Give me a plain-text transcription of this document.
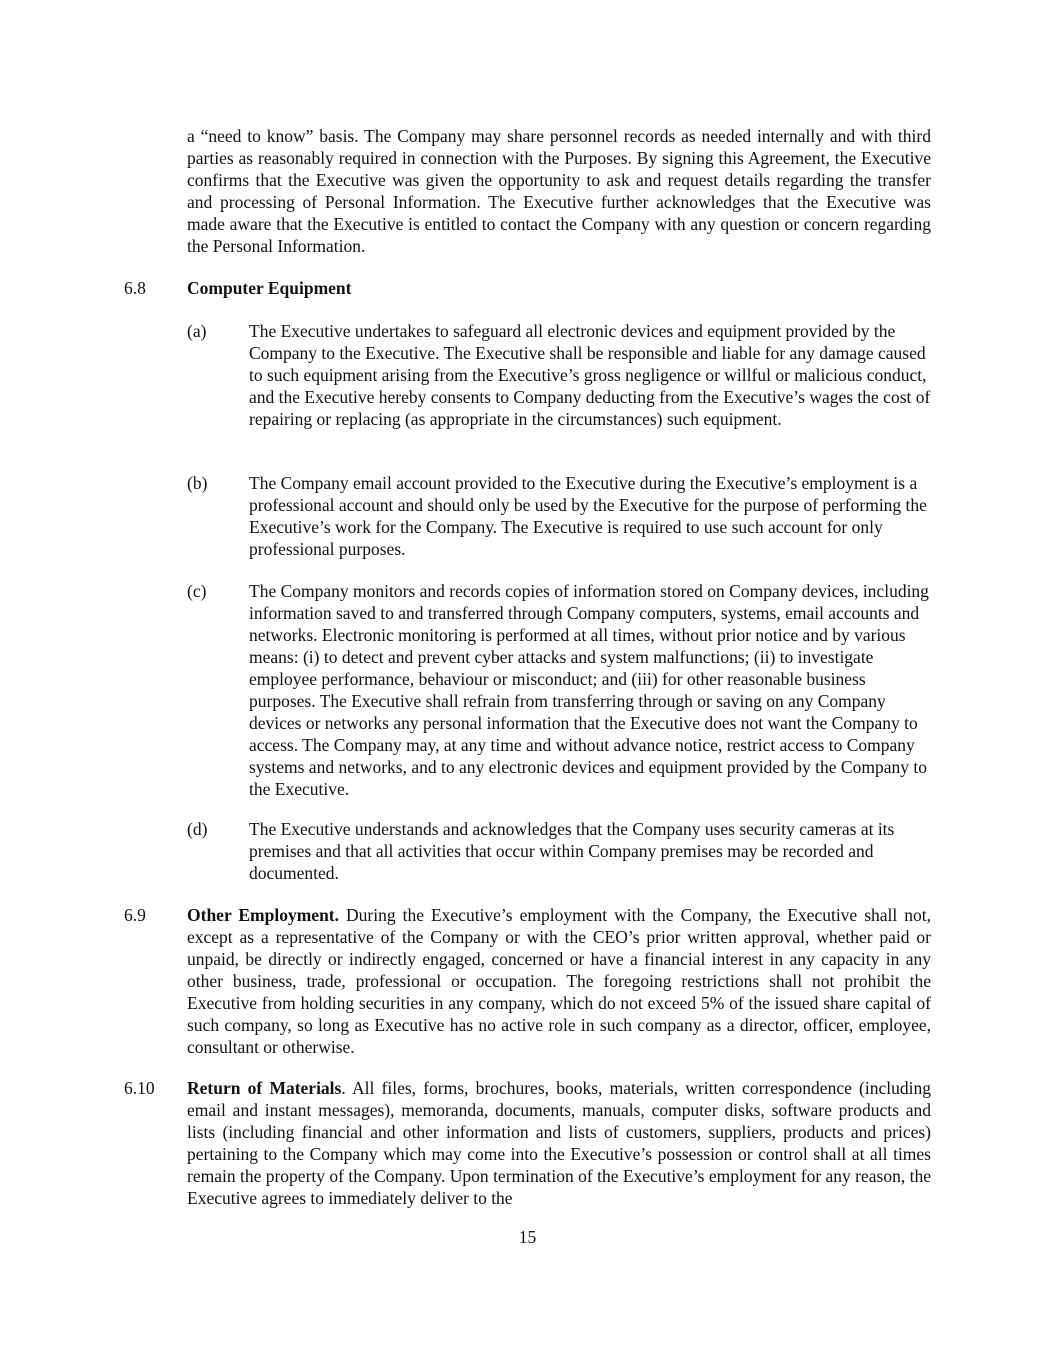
a “need to know” basis. The Company may share personnel records as needed internally and with third parties as reasonably required in connection with the Purposes. By signing this Agreement, the Executive confirms that the Executive was given the opportunity to ask and request details regarding the transfer and processing of Personal Information. The Executive further acknowledges that the Executive was made aware that the Executive is entitled to contact the Company with any question or concern regarding the Personal Information.

6.8 Computer Equipment
(a) The Executive undertakes to safeguard all electronic devices and equipment provided by the Company to the Executive. The Executive shall be responsible and liable for any damage caused to such equipment arising from the Executive’s gross negligence or willful or malicious conduct, and the Executive hereby consents to Company deducting from the Executive’s wages the cost of repairing or replacing (as appropriate in the circumstances) such equipment.

(b) The Company email account provided to the Executive during the Executive’s employment is a professional account and should only be used by the Executive for the purpose of performing the Executive’s work for the Company. The Executive is required to use such account for only professional purposes.

(c) The Company monitors and records copies of information stored on Company devices, including information saved to and transferred through Company computers, systems, email accounts and networks. Electronic monitoring is performed at all times, without prior notice and by various means: (i) to detect and prevent cyber attacks and system malfunctions; (ii) to investigate employee performance, behaviour or misconduct; and (iii) for other reasonable business purposes. The Executive shall refrain from transferring through or saving on any Company devices or networks any personal information that the Executive does not want the Company to access. The Company may, at any time and without advance notice, restrict access to Company systems and networks, and to any electronic devices and equipment provided by the Company to the Executive.

(d) The Executive understands and acknowledges that the Company uses security cameras at its premises and that all activities that occur within Company premises may be recorded and documented.

6.9 Other Employment. During the Executive’s employment with the Company, the Executive shall not, except as a representative of the Company or with the CEO’s prior written approval, whether paid or unpaid, be directly or indirectly engaged, concerned or have a financial interest in any capacity in any other business, trade, professional or occupation. The foregoing restrictions shall not prohibit the Executive from holding securities in any company, which do not exceed 5% of the issued share capital of such company, so long as Executive has no active role in such company as a director, officer, employee, consultant or otherwise.

6.10 Return of Materials. All files, forms, brochures, books, materials, written correspondence (including email and instant messages), memoranda, documents, manuals, computer disks, software products and lists (including financial and other information and lists of customers, suppliers, products and prices) pertaining to the Company which may come into the Executive’s possession or control shall at all times remain the property of the Company. Upon termination of the Executive’s employment for any reason, the Executive agrees to immediately deliver to the

15
